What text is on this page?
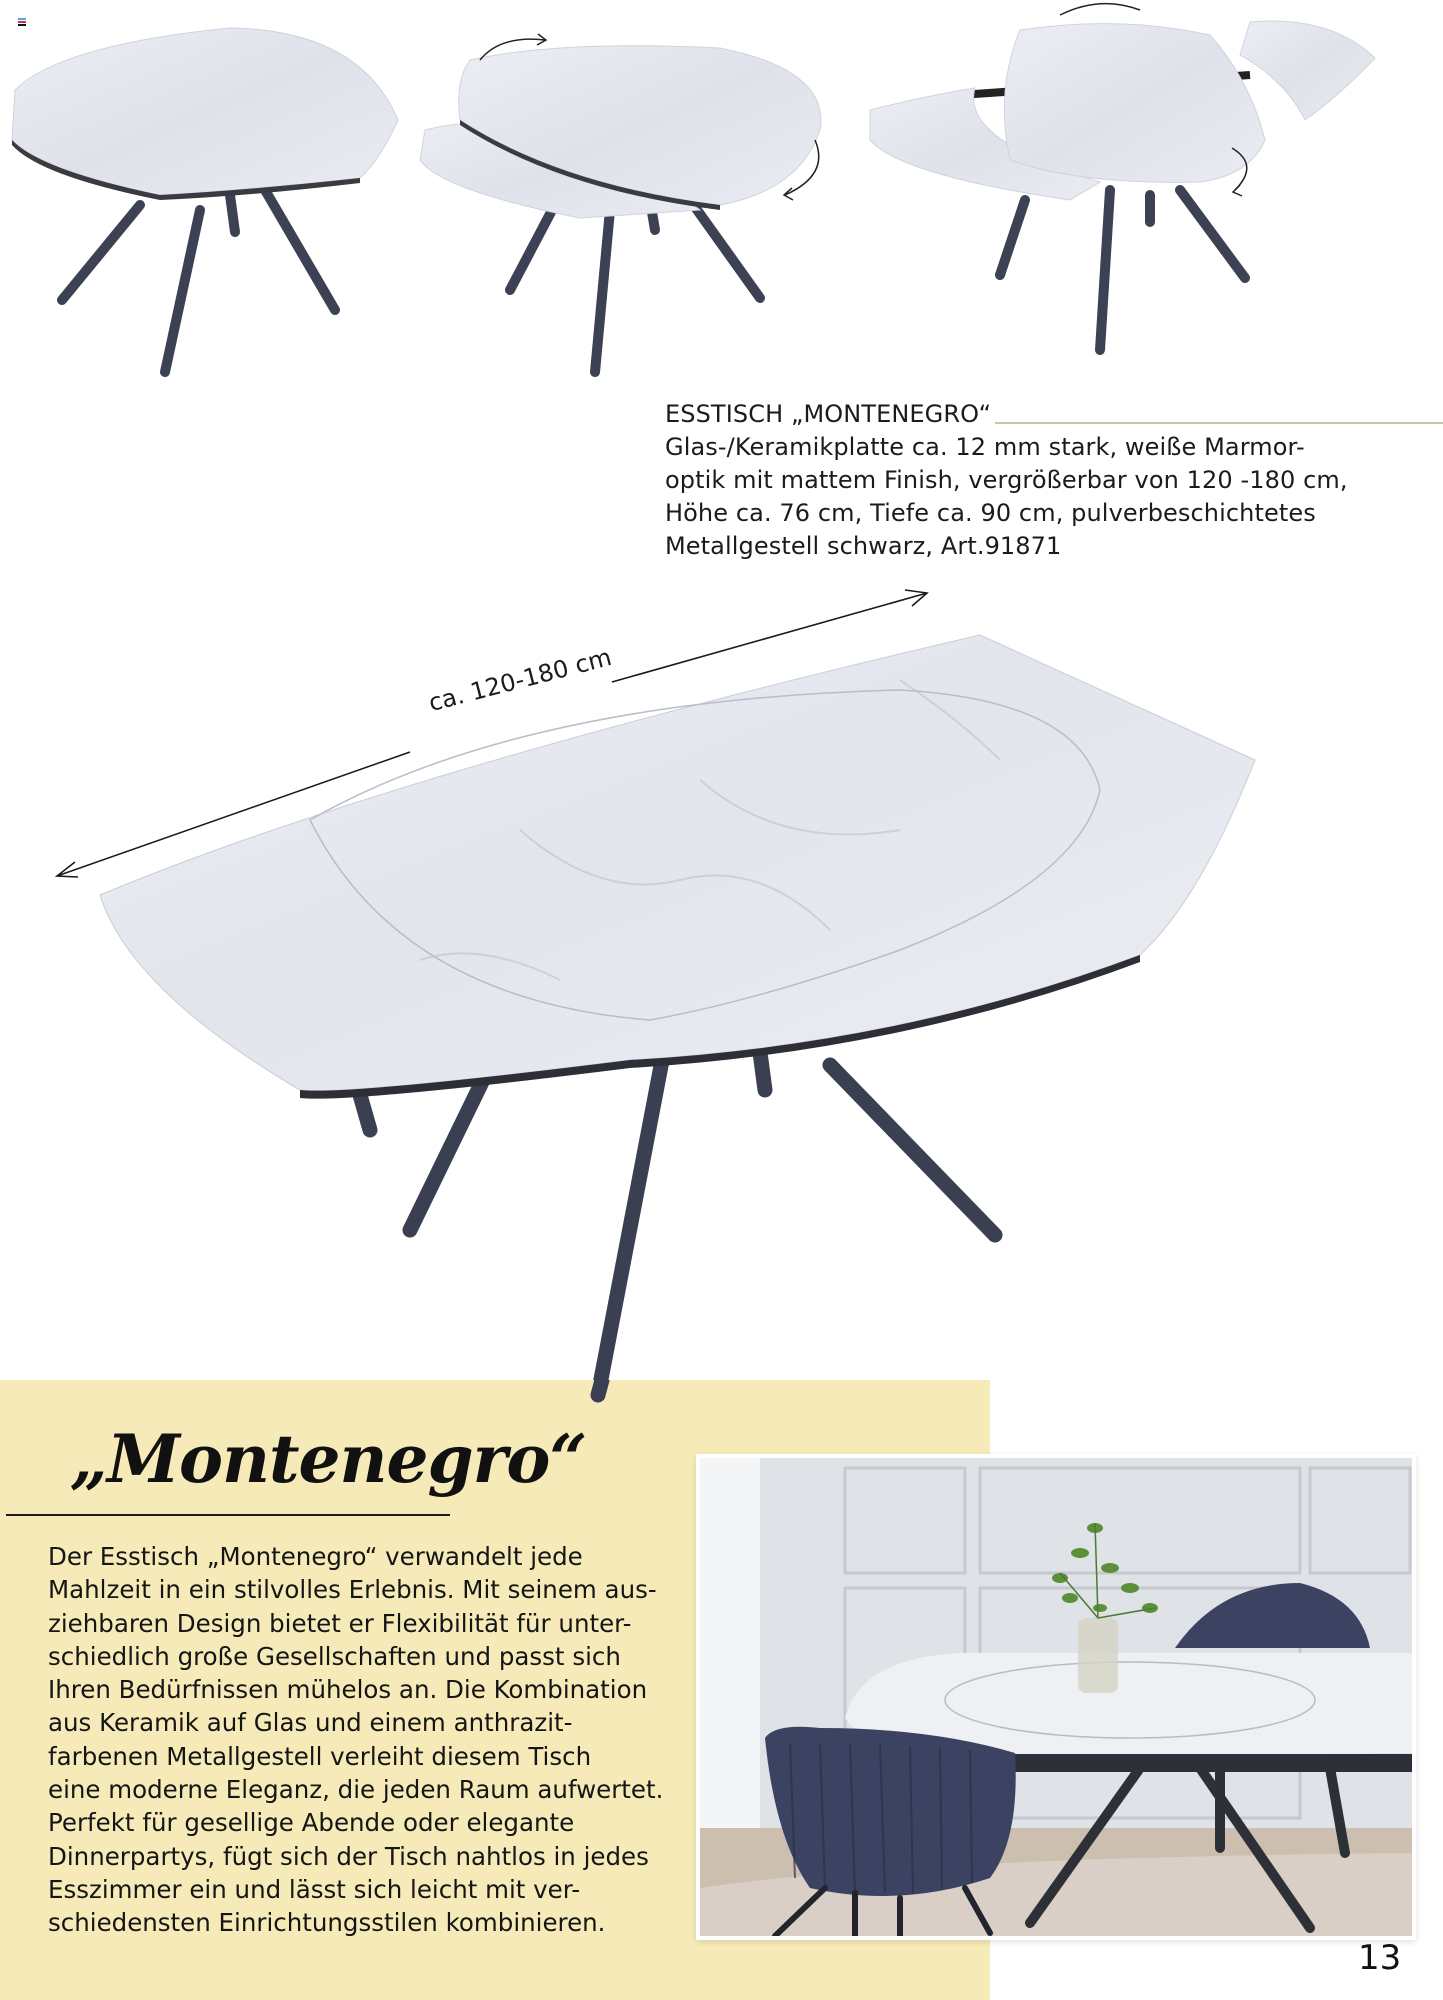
ESSTISCH „MONTENEGRO“
Glas-/Keramikplatte ca. 12 mm stark, weiße Marmor-
optik mit mattem Finish, vergrößerbar von 120 -180 cm,
Höhe ca. 76 cm, Tiefe ca. 90 cm, pulverbeschichtetes
Metallgestell schwarz, Art.91871
ca. 120-180 cm
„Montenegro“
Der Esstisch „Montenegro“ verwandelt jede
Mahlzeit in ein stilvolles Erlebnis. Mit seinem aus-
ziehbaren Design bietet er Flexibilität für unter-
schiedlich große Gesellschaften und passt sich
Ihren Bedürfnissen mühelos an. Die Kombination
aus Keramik auf Glas und einem anthrazit-
farbenen Metallgestell verleiht diesem Tisch
eine moderne Eleganz, die jeden Raum aufwertet.
Perfekt für gesellige Abende oder elegante
Dinnerpartys, fügt sich der Tisch nahtlos in jedes
Esszimmer ein und lässt sich leicht mit ver-
schiedensten Einrichtungsstilen kombinieren.
13
